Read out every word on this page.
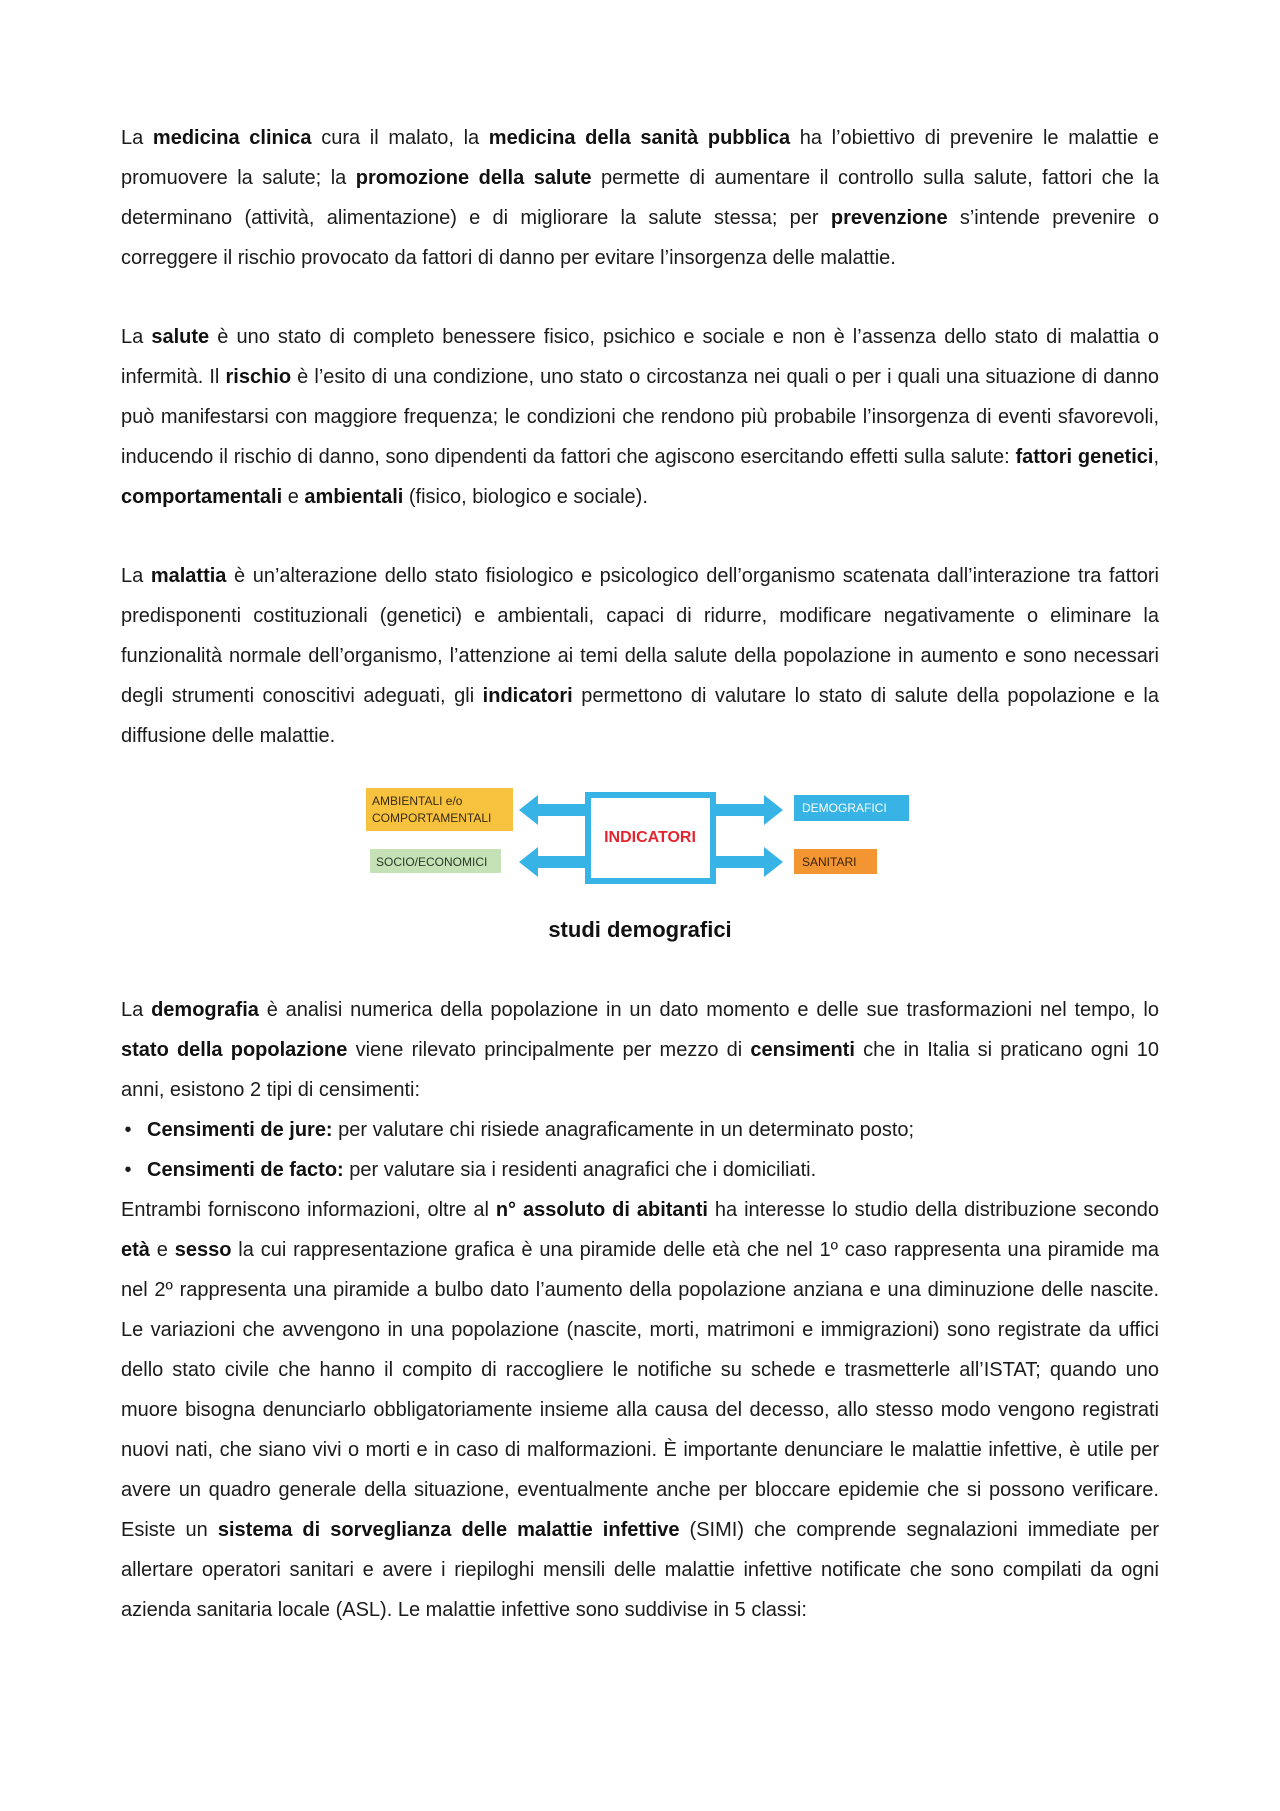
La medicina clinica cura il malato, la medicina della sanità pubblica ha l’obiettivo di prevenire le malattie e promuovere la salute; la promozione della salute permette di aumentare il controllo sulla salute, fattori che la determinano (attività, alimentazione) e di migliorare la salute stessa; per prevenzione s’intende prevenire o correggere il rischio provocato da fattori di danno per evitare l’insorgenza delle malattie.

La salute è uno stato di completo benessere fisico, psichico e sociale e non è l’assenza dello stato di malattia o infermità. Il rischio è l’esito di una condizione, uno stato o circostanza nei quali o per i quali una situazione di danno può manifestarsi con maggiore frequenza; le condizioni che rendono più probabile l’insorgenza di eventi sfavorevoli, inducendo il rischio di danno, sono dipendenti da fattori che agiscono esercitando effetti sulla salute: fattori genetici, comportamentali e ambientali (fisico, biologico e sociale).

La malattia è un’alterazione dello stato fisiologico e psicologico dell’organismo scatenata dall’interazione tra fattori predisponenti costituzionali (genetici) e ambientali, capaci di ridurre, modificare negativamente o eliminare la funzionalità normale dell’organismo, l’attenzione ai temi della salute della popolazione in aumento e sono necessari degli strumenti conoscitivi adeguati, gli indicatori permettono di valutare lo stato di salute della popolazione e la diffusione delle malattie.

AMBIENTALI e/o
COMPORTAMENTALI
SOCIO/ECONOMICI
INDICATORI
DEMOGRAFICI
SANITARI
studi demografici

La demografia è analisi numerica della popolazione in un dato momento e delle sue trasformazioni nel tempo, lo stato della popolazione viene rilevato principalmente per mezzo di censimenti che in Italia si praticano ogni 10 anni, esistono 2 tipi di censimenti:

• Censimenti de jure: per valutare chi risiede anagraficamente in un determinato posto;
• Censimenti de facto: per valutare sia i residenti anagrafici che i domiciliati.

Entrambi forniscono informazioni, oltre al n° assoluto di abitanti ha interesse lo studio della distribuzione secondo età e sesso la cui rappresentazione grafica è una piramide delle età che nel 1º caso rappresenta una piramide ma nel 2º rappresenta una piramide a bulbo dato l’aumento della popolazione anziana e una diminuzione delle nascite. Le variazioni che avvengono in una popolazione (nascite, morti, matrimoni e immigrazioni) sono registrate da uffici dello stato civile che hanno il compito di raccogliere le notifiche su schede e trasmetterle all’ISTAT; quando uno muore bisogna denunciarlo obbligatoriamente insieme alla causa del decesso, allo stesso modo vengono registrati nuovi nati, che siano vivi o morti e in caso di malformazioni. È importante denunciare le malattie infettive, è utile per avere un quadro generale della situazione, eventualmente anche per bloccare epidemie che si possono verificare. Esiste un sistema di sorveglianza delle malattie infettive (SIMI) che comprende segnalazioni immediate per allertare operatori sanitari e avere i riepiloghi mensili delle malattie infettive notificate che sono compilati da ogni azienda sanitaria locale (ASL). Le malattie infettive sono suddivise in 5 classi:
